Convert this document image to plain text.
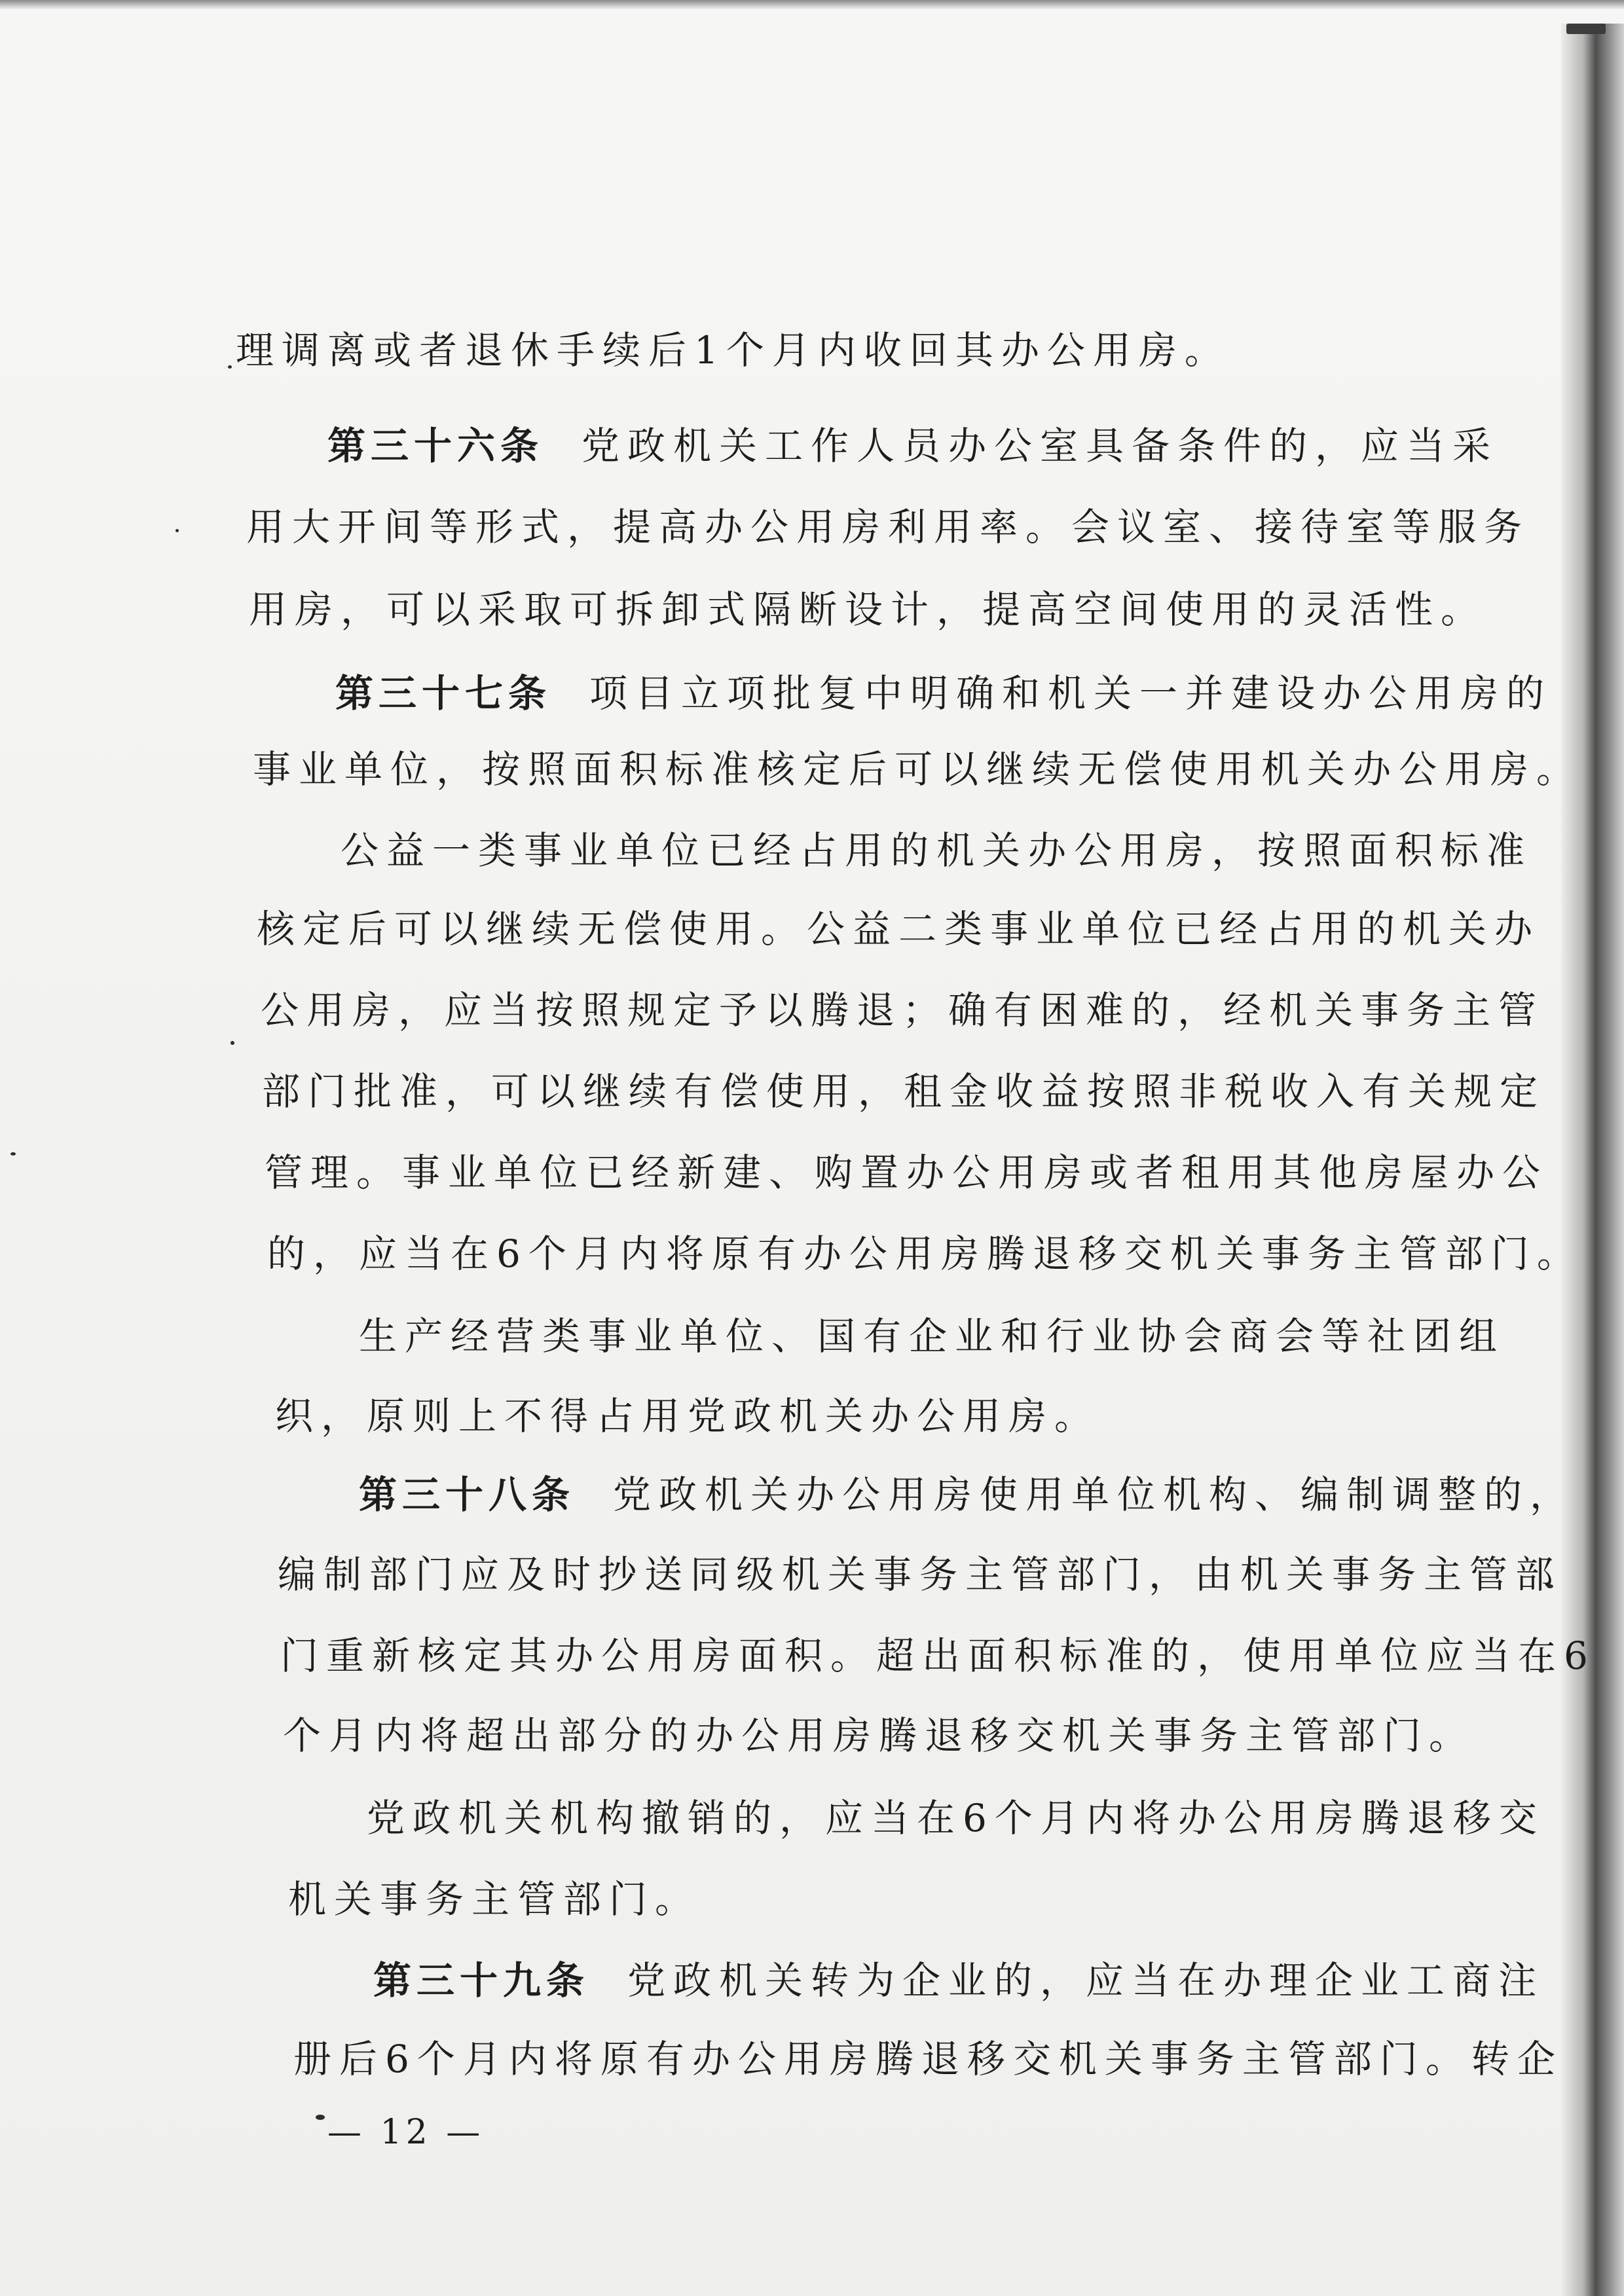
理调离或者退休手续后1个月内收回其办公用房。
第三十六条 党政机关工作人员办公室具备条件的，应当采
用大开间等形式，提高办公用房利用率。会议室、接待室等服务
用房，可以采取可拆卸式隔断设计，提高空间使用的灵活性。
第三十七条 项目立项批复中明确和机关一并建设办公用房的
事业单位，按照面积标准核定后可以继续无偿使用机关办公用房。
公益一类事业单位已经占用的机关办公用房，按照面积标准
核定后可以继续无偿使用。公益二类事业单位已经占用的机关办
公用房，应当按照规定予以腾退；确有困难的，经机关事务主管
部门批准，可以继续有偿使用，租金收益按照非税收入有关规定
管理。事业单位已经新建、购置办公用房或者租用其他房屋办公
的，应当在6个月内将原有办公用房腾退移交机关事务主管部门。
生产经营类事业单位、国有企业和行业协会商会等社团组
织，原则上不得占用党政机关办公用房。
第三十八条 党政机关办公用房使用单位机构、编制调整的，
编制部门应及时抄送同级机关事务主管部门，由机关事务主管部
门重新核定其办公用房面积。超出面积标准的，使用单位应当在6
个月内将超出部分的办公用房腾退移交机关事务主管部门。
党政机关机构撤销的，应当在6个月内将办公用房腾退移交
机关事务主管部门。
第三十九条 党政机关转为企业的，应当在办理企业工商注
册后6个月内将原有办公用房腾退移交机关事务主管部门。转企
— 12 —
